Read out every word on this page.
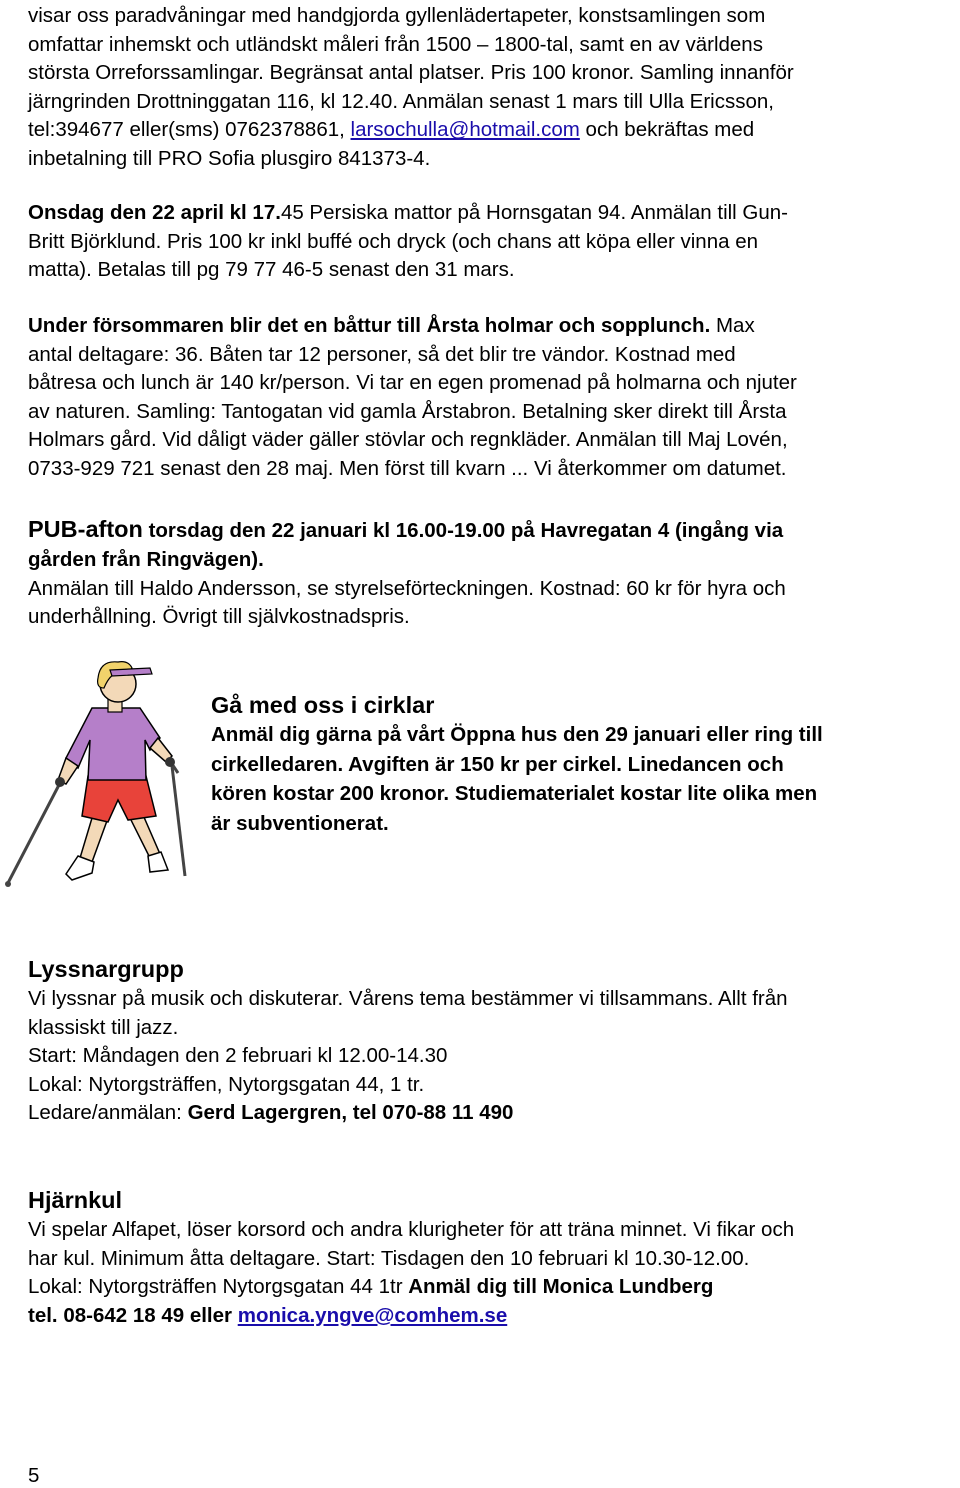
visar oss paradvåningar med handgjorda gyllenlädertapeter, konstsamlingen som
omfattar inhemskt och utländskt måleri från 1500 – 1800-tal, samt en av världens
största Orreforssamlingar. Begränsat antal platser. Pris 100 kronor. Samling innanför
järngrinden Drottninggatan 116, kl 12.40. Anmälan senast 1 mars till Ulla Ericsson,
tel:394677 eller(sms) 0762378861, larsochulla@hotmail.com och bekräftas med
inbetalning till PRO Sofia plusgiro 841373-4.
Onsdag den 22 april kl 17.45 Persiska mattor på Hornsgatan 94. Anmälan till Gun-
Britt Björklund. Pris 100 kr inkl buffé och dryck (och chans att köpa eller vinna en
matta). Betalas till pg 79 77 46-5 senast den 31 mars.
Under försommaren blir det en båttur till Årsta holmar och sopplunch. Max
antal deltagare: 36. Båten tar 12 personer, så det blir tre vändor. Kostnad med
båtresa och lunch är 140 kr/person. Vi tar en egen promenad på holmarna och njuter
av naturen. Samling: Tantogatan vid gamla Årstabron. Betalning sker direkt till Årsta
Holmars gård. Vid dåligt väder gäller stövlar och regnkläder. Anmälan till Maj Lovén,
0733-929 721 senast den 28 maj. Men först till kvarn ... Vi återkommer om datumet.
PUB-afton torsdag den 22 januari kl 16.00-19.00 på Havregatan 4 (ingång via
gården från Ringvägen).
Anmälan till Haldo Andersson, se styrelseförteckningen. Kostnad: 60 kr för hyra och
underhållning. Övrigt till självkostnadspris.
Gå med oss i cirklar
Anmäl dig gärna på vårt Öppna hus den 29 januari eller ring till
cirkelledaren. Avgiften är 150 kr per cirkel. Linedancen och
kören kostar 200 kronor. Studiematerialet kostar lite olika men
är subventionerat.
Lyssnargrupp
Vi lyssnar på musik och diskuterar. Vårens tema bestämmer vi tillsammans. Allt från
klassiskt till jazz.
Start: Måndagen den 2 februari kl 12.00-14.30
Lokal: Nytorgsträffen, Nytorgsgatan 44, 1 tr.
Ledare/anmälan: Gerd Lagergren, tel 070-88 11 490
Hjärnkul
Vi spelar Alfapet, löser korsord och andra klurigheter för att träna minnet. Vi fikar och
har kul. Minimum åtta deltagare. Start: Tisdagen den 10 februari kl 10.30-12.00.
Lokal: Nytorgsträffen Nytorgsgatan 44 1tr Anmäl dig till Monica Lundberg
tel. 08-642 18 49 eller monica.yngve@comhem.se
5
